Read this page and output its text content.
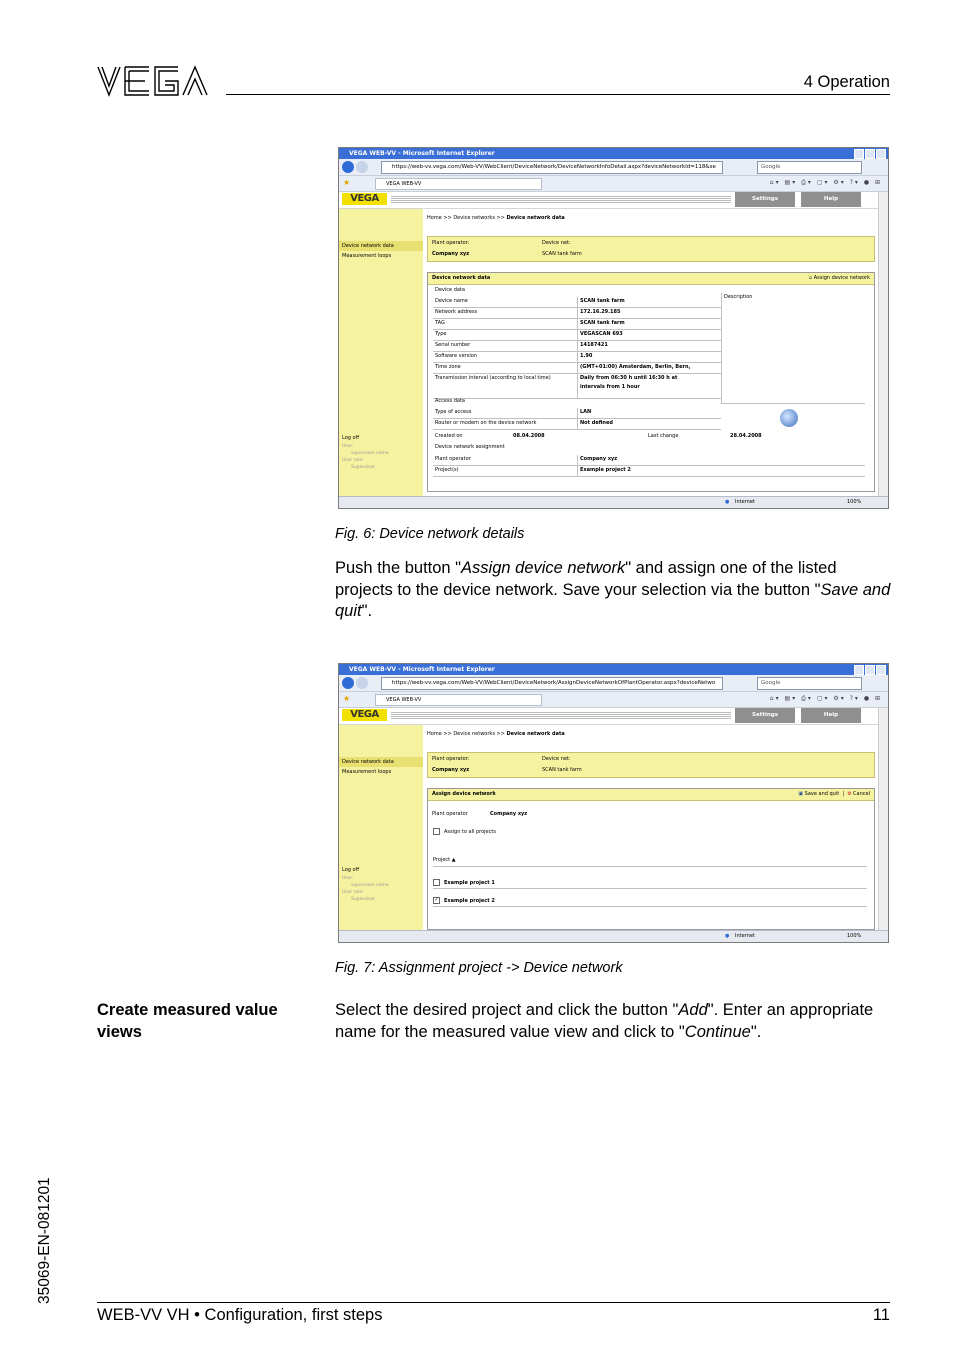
4 Operation
VEGA WEB-VV - Microsoft Internet Explorer
https://web-vv.vega.com/Web-VV/WebClient/DeviceNetwork/DeviceNetworkInfoDetail.aspx?deviceNetworkId=118&se	Google
★	VEGA WEB-VV	⌂▾ ▤▾ ⎙▾ ▢▾ ⚙▾ ?▾ ● ⊞
VEGA	Settings	Help
Device network data
Measurement loops
Log off
User:
supervisor name
User role:
Supervisor
Home >> Device networks >> Device network data
Plant operator:
Company xyz
Device net:
SCAN tank farm
Device network data	▫ Assign device network
Device data
Device name	SCAN tank farm
Network address	172.16.29.185
TAG	SCAN tank farm
Type	VEGASCAN 693
Serial number	14187421
Software version	1.90
Time zone	(GMT+01:00) Amsterdam, Berlin, Bern,
Transmission interval (according to local time)	Daily from 06:30 h until 16:30 h at intervals from 1 hour
Description
Access data
Type of access	LAN
Router or modem on the device network	Not defined
Created on	08.04.2008	Last change	28.04.2008
Device network assignment
Plant operator	Company xyz
Project(s)	Example project 2
● Internet	100%
Fig. 6: Device network details
Push the button "Assign device network" and assign one of the listed projects to the device network. Save your selection via the button "Save and quit".
VEGA WEB-VV - Microsoft Internet Explorer
https://web-vv.vega.com/Web-VV/WebClient/DeviceNetwork/AssignDeviceNetworkOfPlantOperator.aspx?deviceNetwo	Google
★	VEGA WEB-VV	⌂▾ ▤▾ ⎙▾ ▢▾ ⚙▾ ?▾ ● ⊞
VEGA	Settings	Help
Device network data
Measurement loops
Log off
User:
supervisor name
User role:
Supervisor
Home >> Device networks >> Device network data
Plant operator:
Company xyz
Device net:
SCAN tank farm
Assign device network	▣ Save and quit  |  ⊗ Cancel
Plant operator	Company xyz
Assign to all projects
Project ▲
Example project 1
✓ Example project 2
● Internet	100%
Fig. 7: Assignment project -> Device network
Create measured value views
Select the desired project and click the button "Add". Enter an appropriate name for the measured value view and click to "Continue".
35069-EN-081201
WEB-VV VH • Configuration, first steps	11
